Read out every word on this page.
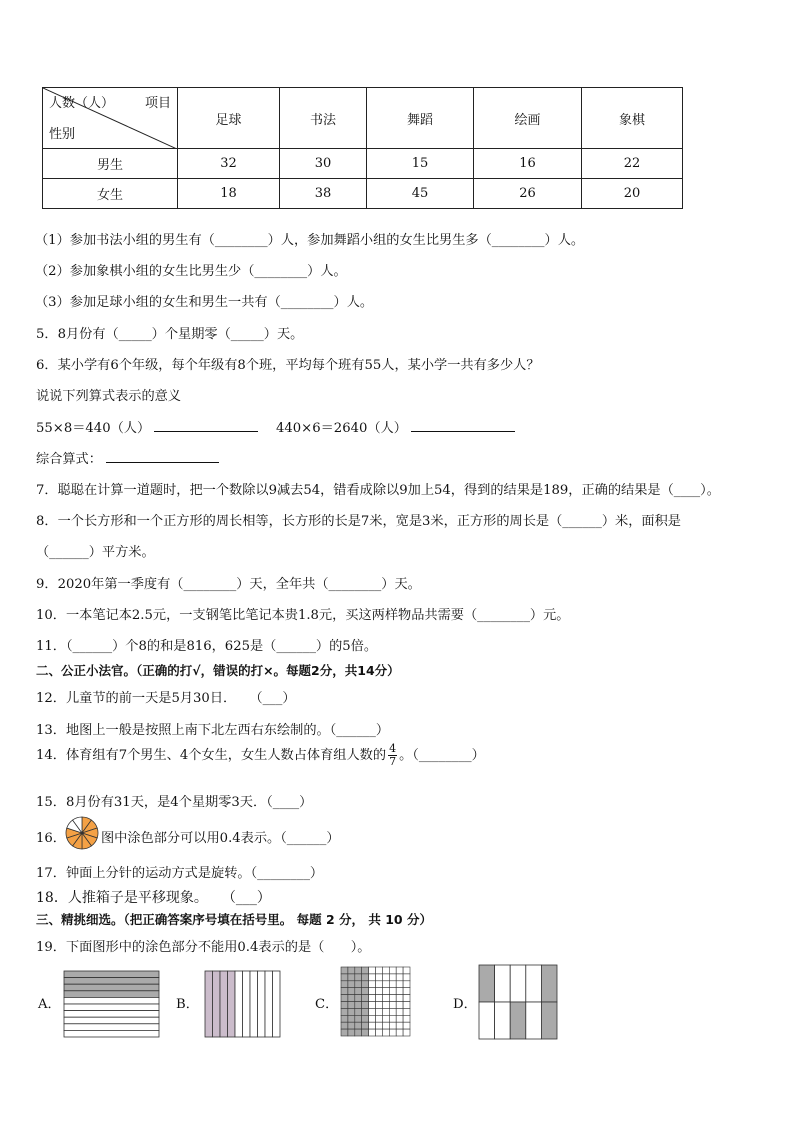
人数（人） 项目
性别	足球	书法	舞蹈	绘画	象棋
男生	32	30	15	16	22
女生	18	38	45	26	20
（1）参加书法小组的男生有（________）人，参加舞蹈小组的女生比男生多（________）人。
（2）参加象棋小组的女生比男生少（________）人。
（3）参加足球小组的女生和男生一共有（________）人。
5．8月份有（_____）个星期零（_____）天。
6．某小学有6个年级，每个年级有8个班，平均每个班有55人，某小学一共有多少人？
说说下列算式表示的意义
55×8＝440（人）	440×6＝2640（人）
综合算式：
7．聪聪在计算一道题时，把一个数除以9减去54，错看成除以9加上54，得到的结果是189，正确的结果是（____）。
8．一个长方形和一个正方形的周长相等，长方形的长是7米，宽是3米，正方形的周长是（______）米，面积是
（______）平方米。
9．2020年第一季度有（________）天，全年共（________）天。
10．一本笔记本2.5元，一支钢笔比笔记本贵1.8元，买这两样物品共需要（________）元。
11．（______）个8的和是816，625是（______）的5倍。
二、公正小法官。（正确的打√，错误的打×。每题2分，共14分）
12．儿童节的前一天是5月30日．　　（___）
13．地图上一般是按照上南下北左西右东绘制的。（______）
14．体育组有7个男生、4个女生，女生人数占体育组人数的 $\frac{4}{7}$ 。（________）
15．8月份有31天，是4个星期零3天．（____）
16．	图中涂色部分可以用0.4表示。（______）
17．钟面上分针的运动方式是旋转。（________）
18．人推箱子是平移现象。　　（___）
三、精挑细选。（把正确答案序号填在括号里。 每题 2 分， 共 10 分）
19．下面图形中的涂色部分不能用0.4表示的是（　　）。
A．	B．	C．	D．
